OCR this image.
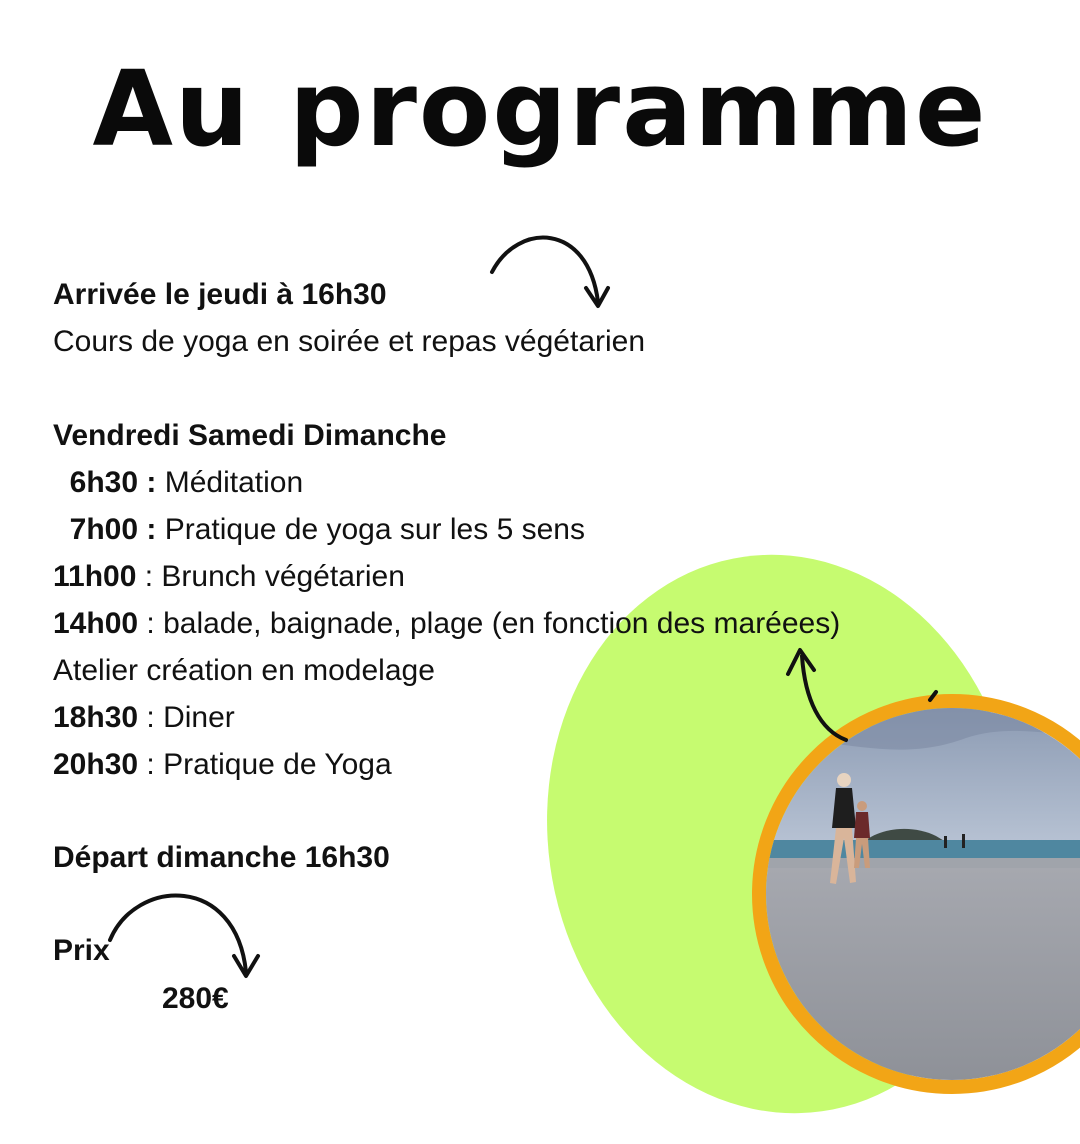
Au programme
Arrivée le jeudi à 16h30
Cours de yoga en soirée et repas végétarien
Vendredi Samedi Dimanche
6h30 : Méditation
7h00 : Pratique de yoga sur les 5 sens
11h00 : Brunch végétarien
14h00 : balade, baignade, plage (en fonction des maréees)
Atelier création en modelage
18h30 : Diner
20h30 : Pratique de Yoga
Départ dimanche 16h30
Prix
280€
